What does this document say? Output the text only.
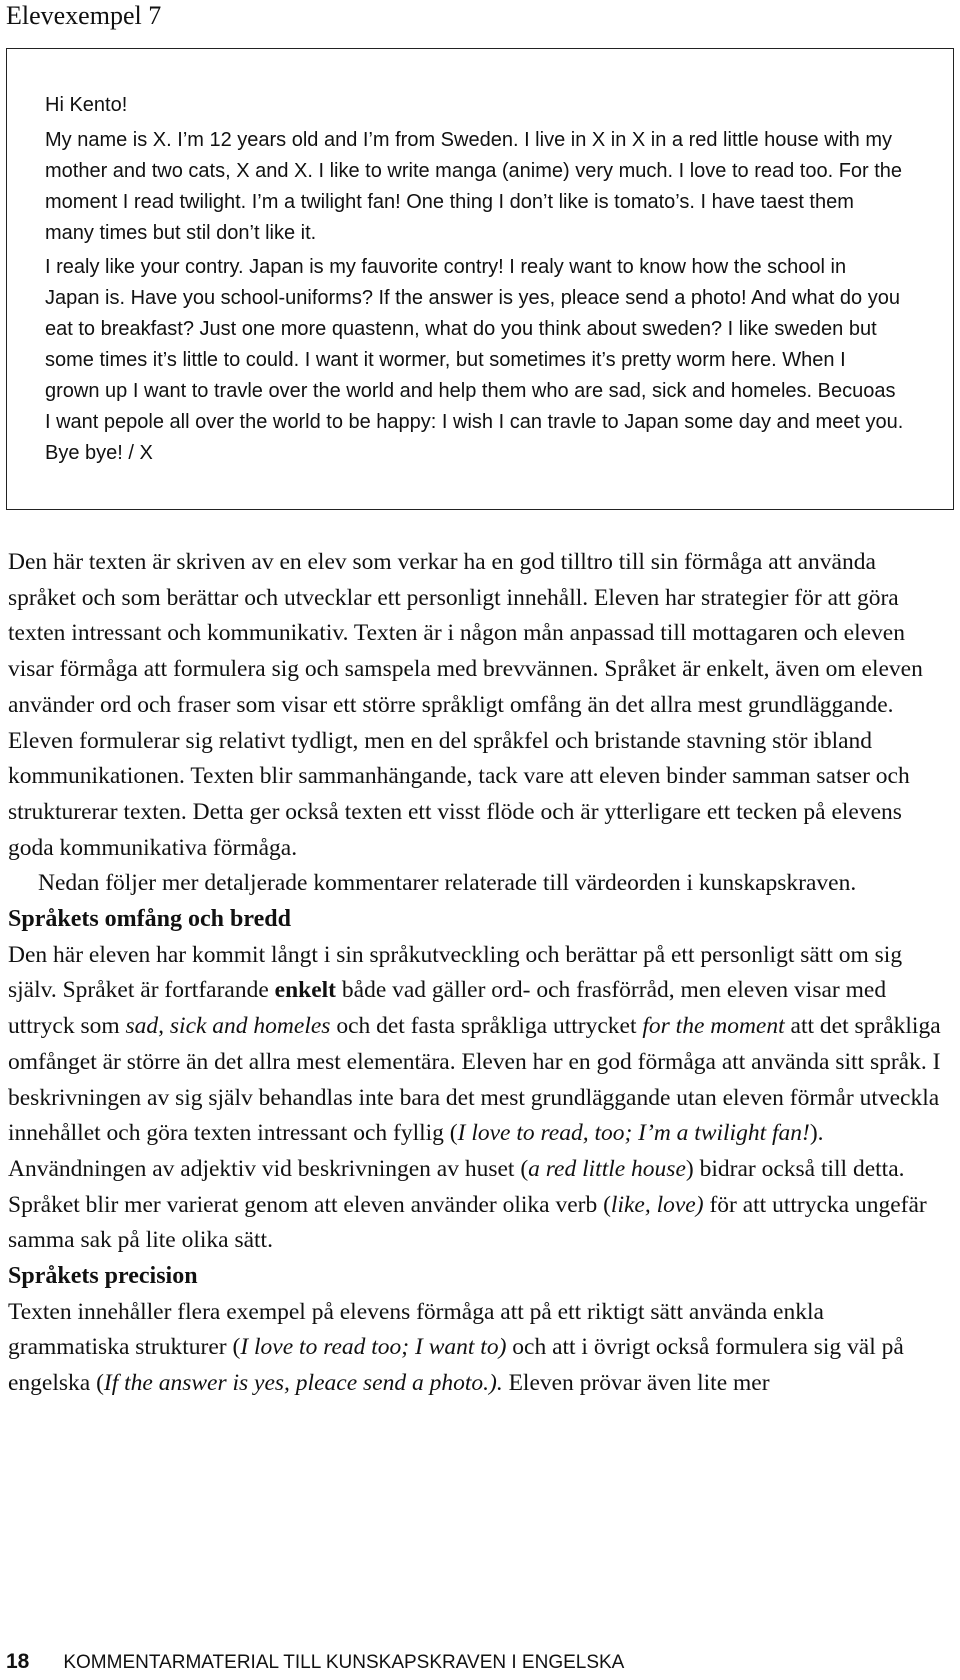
Elevexempel 7

Hi Kento!

My name is X. I’m 12 years old and I’m from Sweden. I live in X in X in a red little house with my mother and two cats, X and X. I like to write manga (anime) very much. I love to read too. For the moment I read twilight. I’m a twilight fan! One thing I don’t like is tomato’s. I have taest them many times but stil don’t like it.

I realy like your contry. Japan is my fauvorite contry! I realy want to know how the school in Japan is. Have you school-uniforms? If the answer is yes, pleace send a photo! And what do you eat to breakfast? Just one more quastenn, what do you think about sweden? I like sweden but some times it’s little to could. I want it wormer, but sometimes it’s pretty worm here. When I grown up I want to travle over the world and help them who are sad, sick and homeles. Becuoas I want pepole all over the world to be happy: I wish I can travle to Japan some day and meet you. Bye bye! / X

Den här texten är skriven av en elev som verkar ha en god tilltro till sin förmåga att använda språket och som berättar och utvecklar ett personligt innehåll. Eleven har strategier för att göra texten intressant och kommunikativ. Texten är i någon mån anpassad till mottagaren och eleven visar förmåga att formulera sig och samspela med brevvännen. Språket är enkelt, även om eleven använder ord och fraser som visar ett större språkligt omfång än det allra mest grundläggande. Eleven formulerar sig relativt tydligt, men en del språkfel och bristande stavning stör ibland kommunikationen. Texten blir sammanhängande, tack vare att eleven binder samman satser och strukturerar texten. Detta ger också texten ett visst flöde och är ytterligare ett tecken på elevens goda kommunikativa förmåga.

Nedan följer mer detaljerade kommentarer relaterade till värdeorden i kunskapskraven.

Språkets omfång och bredd

Den här eleven har kommit långt i sin språkutveckling och berättar på ett personligt sätt om sig själv. Språket är fortfarande enkelt både vad gäller ord- och frasförråd, men eleven visar med uttryck som sad, sick and homeles och det fasta språkliga uttrycket for the moment att det språkliga omfånget är större än det allra mest elementära. Eleven har en god förmåga att använda sitt språk. I beskrivningen av sig själv behandlas inte bara det mest grundläggande utan eleven förmår utveckla innehållet och göra texten intressant och fyllig (I love to read, too; I’m a twilight fan!). Användningen av adjektiv vid beskrivningen av huset (a red little house) bidrar också till detta. Språket blir mer varierat genom att eleven använder olika verb (like, love) för att uttrycka ungefär samma sak på lite olika sätt.

Språkets precision

Texten innehåller flera exempel på elevens förmåga att på ett riktigt sätt använda enkla grammatiska strukturer (I love to read too; I want to) och att i övrigt också formulera sig väl på engelska (If the answer is yes, pleace send a photo.). Eleven prövar även lite mer

18 KOMMENTARMATERIAL TILL KUNSKAPSKRAVEN I ENGELSKA
